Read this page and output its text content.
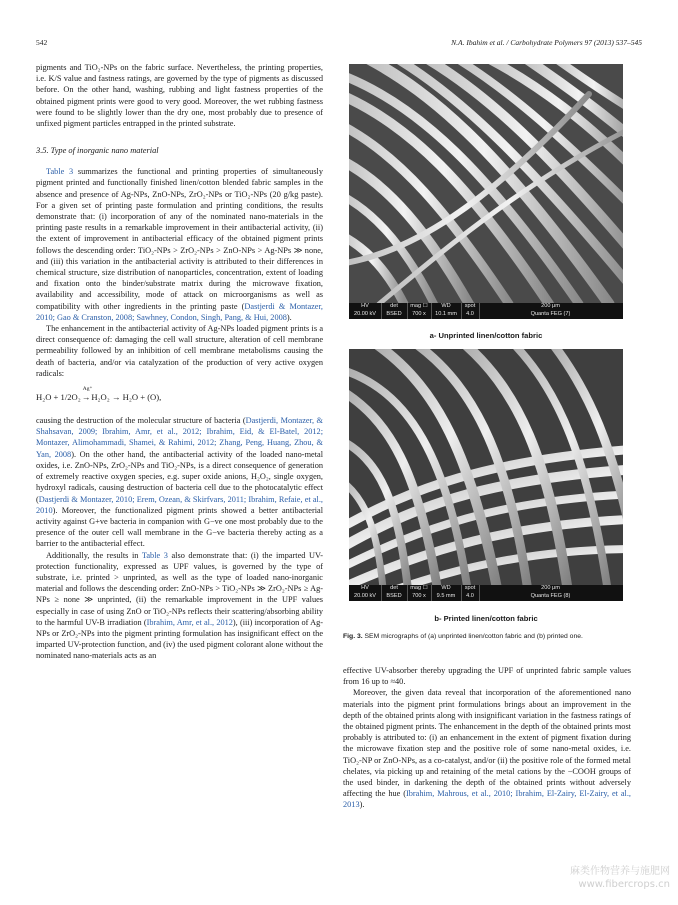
542	N.A. Ibahim et al. / Carbohydrate Polymers 97 (2013) 537–545

pigments and TiO₂-NPs on the fabric surface. Nevertheless, the printing properties, i.e. K/S value and fastness ratings, are governed by the type of pigments as discussed before. On the other hand, washing, rubbing and light fastness properties of the obtained pigment prints were good to very good. Moreover, the wet rubbing fastness were found to be slightly lower than the dry one, most probably due to presence of unfixed pigment particles entrapped in the printed substrate.

3.5. Type of inorganic nano material

Table 3 summarizes the functional and printing properties of simultaneously pigment printed and functionally finished linen/cotton blended fabric samples in the absence and presence of Ag-NPs, ZnO-NPs, ZrO₂-NPs or TiO₂-NPs (20 g/kg paste). For a given set of printing paste formulation and printing conditions, the results demonstrate that: (i) incorporation of any of the nominated nano-materials in the printing paste results in a remarkable improvement in their antibacterial activity, (ii) the extent of improvement in antibacterial efficacy of the obtained pigment prints follows the descending order: TiO₂-NPs > ZrO₂-NPs > ZnO-NPs > Ag-NPs ≫ none, and (iii) this variation in the antibacterial activity is attributed to their differences in chemical structure, size distribution of nanoparticles, concentration, extent of loading and fixation onto the binder/substrate matrix during the microwave fixation, availability and accessibility, mode of attack on microorganisms as well as compatibility with other ingredients in the printing paste (Dastjerdi & Montazer, 2010; Gao & Cranston, 2008; Sawhney, Condon, Singh, Pang, & Hui, 2008).

The enhancement in the antibacterial activity of Ag-NPs loaded pigment prints is a direct consequence of: damaging the cell wall structure, alteration of cell membrane permeability followed by an inhibition of cell membrane metabolisms causing the death of bacteria, and/or via catalyzation of the production of very active oxygen radicals:

H₂O + 1/2O₂
Ag⁺
→H₂O₂ → H₂O + (O),

causing the destruction of the molecular structure of bacteria (Dastjerdi, Montazer, & Shahsavan, 2009; Ibrahim, Amr, et al., 2012; Ibrahim, Eid, & El-Batel, 2012; Montazer, Alimohammadi, Shamei, & Rahimi, 2012; Zhang, Peng, Huang, Zhou, & Yan, 2008). On the other hand, the antibacterial activity of the loaded nano-metal oxides, i.e. ZnO-NPs, ZrO₂-NPs and TiO₂-NPs, is a direct consequence of generation of extremely reactive oxygen species, e.g. super oxide anions, H₂O₂, single oxygen, hydroxyl radicals, causing destruction of bacteria cell due to the photocatalytic effect (Dastjerdi & Montazer, 2010; Erem, Ozean, & Skirfvars, 2011; Ibrahim, Refaie, et al., 2010). Moreover, the functionalized pigment prints showed a better antibacterial activity against G+ve bacteria in companion with G−ve one most probably due to the presence of the outer cell wall membrane in the G−ve bacteria thereby acting as a barrier to the antibacterial effect.

Additionally, the results in Table 3 also demonstrate that: (i) the imparted UV-protection functionality, expressed as UPF values, is governed by the type of substrate, i.e. printed > unprinted, as well as the type of loaded nano-inorganic material and follows the descending order: ZnO-NPs > TiO₂-NPs ≫ ZrO₂-NPs ≥ Ag-NPs ≥ none ≫ unprinted, (ii) the remarkable improvement in the UPF values especially in case of using ZnO or TiO₂-NPs reflects their scattering/absorbing ability to the harmful UV-B irradiation (Ibrahim, Amr, et al., 2012), (iii) incorporation of Ag-NPs or ZrO₂-NPs into the pigment printing formulation has insignificant effect on the imparted UV-protection function, and (iv) the used pigment colorant alone without the nominated nano-materials acts as an

HV
20.00 kV
det
BSED
mag ☐
700 x
WD
10.1 mm
spot
4.0
200 μm
Quanta FEG (7)
a- Unprinted linen/cotton fabric
HV
20.00 kV
det
BSED
mag ☐
700 x
WD
9.5 mm
spot
4.0
200 μm
Quanta FEG (8)
b- Printed linen/cotton fabric
Fig. 3. SEM micrographs of (a) unprinted linen/cotton fabric and (b) printed one.

effective UV-absorber thereby upgrading the UPF of unprinted fabric sample values from 16 up to ≈40.

Moreover, the given data reveal that incorporation of the aforementioned nano materials into the pigment print formulations brings about an improvement in the depth of the obtained prints along with insignificant variation in the fastness ratings of the obtained pigment prints. The enhancement in the depth of the obtained prints most probably is attributed to: (i) an enhancement in the extent of pigment fixation during the microwave fixation step and the positive role of some nano-metal oxides, i.e. TiO₂-NP or ZnO-NPs, as a co-catalyst, and/or (ii) the positive role of the formed metal chelates, via picking up and retaining of the metal cations by the −COOH groups of the used binder, in darkening the depth of the obtained prints without adversely affecting the hue (Ibrahim, Mahrous, et al., 2010; Ibrahim, El-Zairy, El-Zairy, et al., 2013).

麻类作物营养与施肥网
www.fibercrops.cn
